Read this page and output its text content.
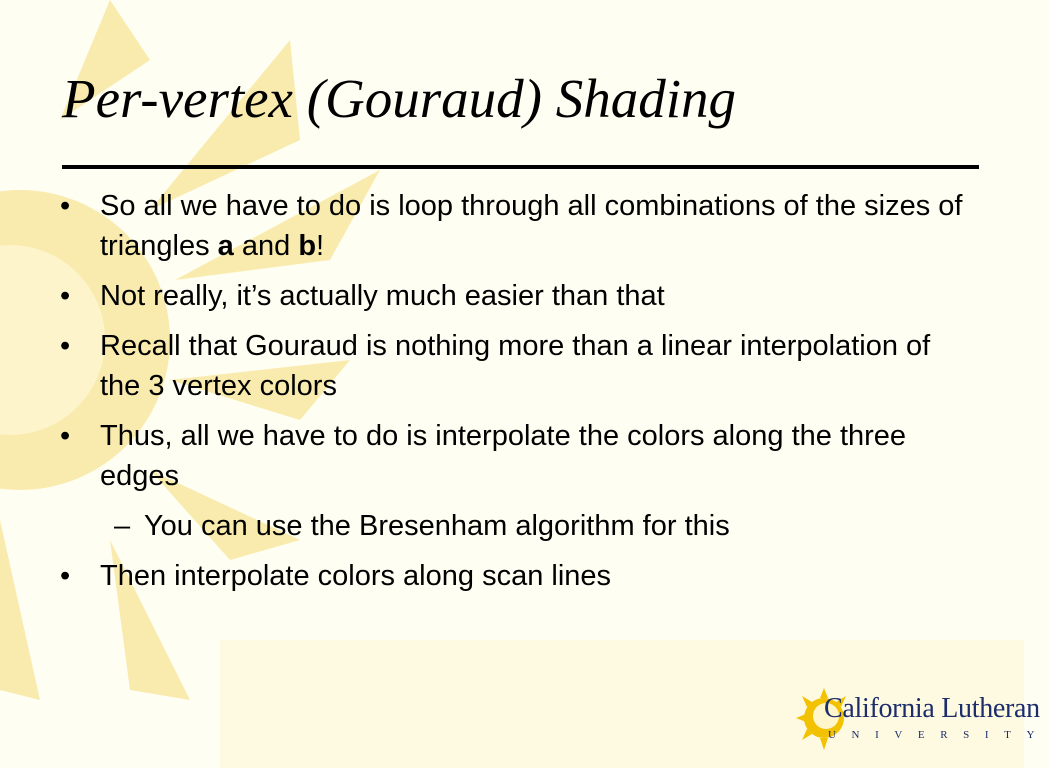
Per-vertex (Gouraud) Shading
• So all we have to do is loop through all combinations of the sizes of triangles a and b!
• Not really, it’s actually much easier than that
• Recall that Gouraud is nothing more than a linear interpolation of the 3 vertex colors
• Thus, all we have to do is interpolate the colors along the three edges
– You can use the Bresenham algorithm for this
• Then interpolate colors along scan lines
California Lutheran
UNIVERSITY
